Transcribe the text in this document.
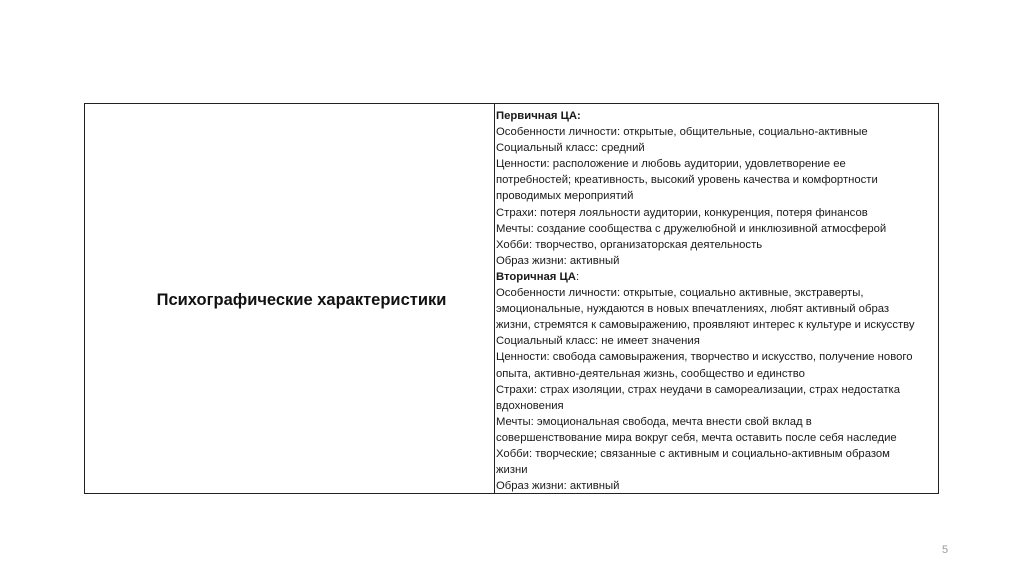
Психографические характеристики
Первичная ЦА:
Особенности личности: открытые, общительные, социально-активные
Социальный класс: средний
Ценности: расположение и любовь аудитории, удовлетворение ее
потребностей; креативность, высокий уровень качества и комфортности
проводимых мероприятий
Страхи: потеря лояльности аудитории, конкуренция, потеря финансов
Мечты: создание сообщества с дружелюбной и инклюзивной атмосферой
Хобби: творчество, организаторская деятельность
Образ жизни: активный
Вторичная ЦА:
Особенности личности: открытые, социально активные, экстраверты,
эмоциональные, нуждаются в новых впечатлениях, любят активный образ
жизни, стремятся к самовыражению, проявляют интерес к культуре и искусству
Социальный класс: не имеет значения
Ценности: свобода самовыражения, творчество и искусство, получение нового
опыта, активно-деятельная жизнь, сообщество и единство
Страхи: страх изоляции, страх неудачи в самореализации, страх недостатка
вдохновения
Мечты: эмоциональная свобода, мечта внести свой вклад в
совершенствование мира вокруг себя, мечта оставить после себя наследие
Хобби: творческие; связанные с активным и социально-активным образом
жизни
Образ жизни: активный
5
